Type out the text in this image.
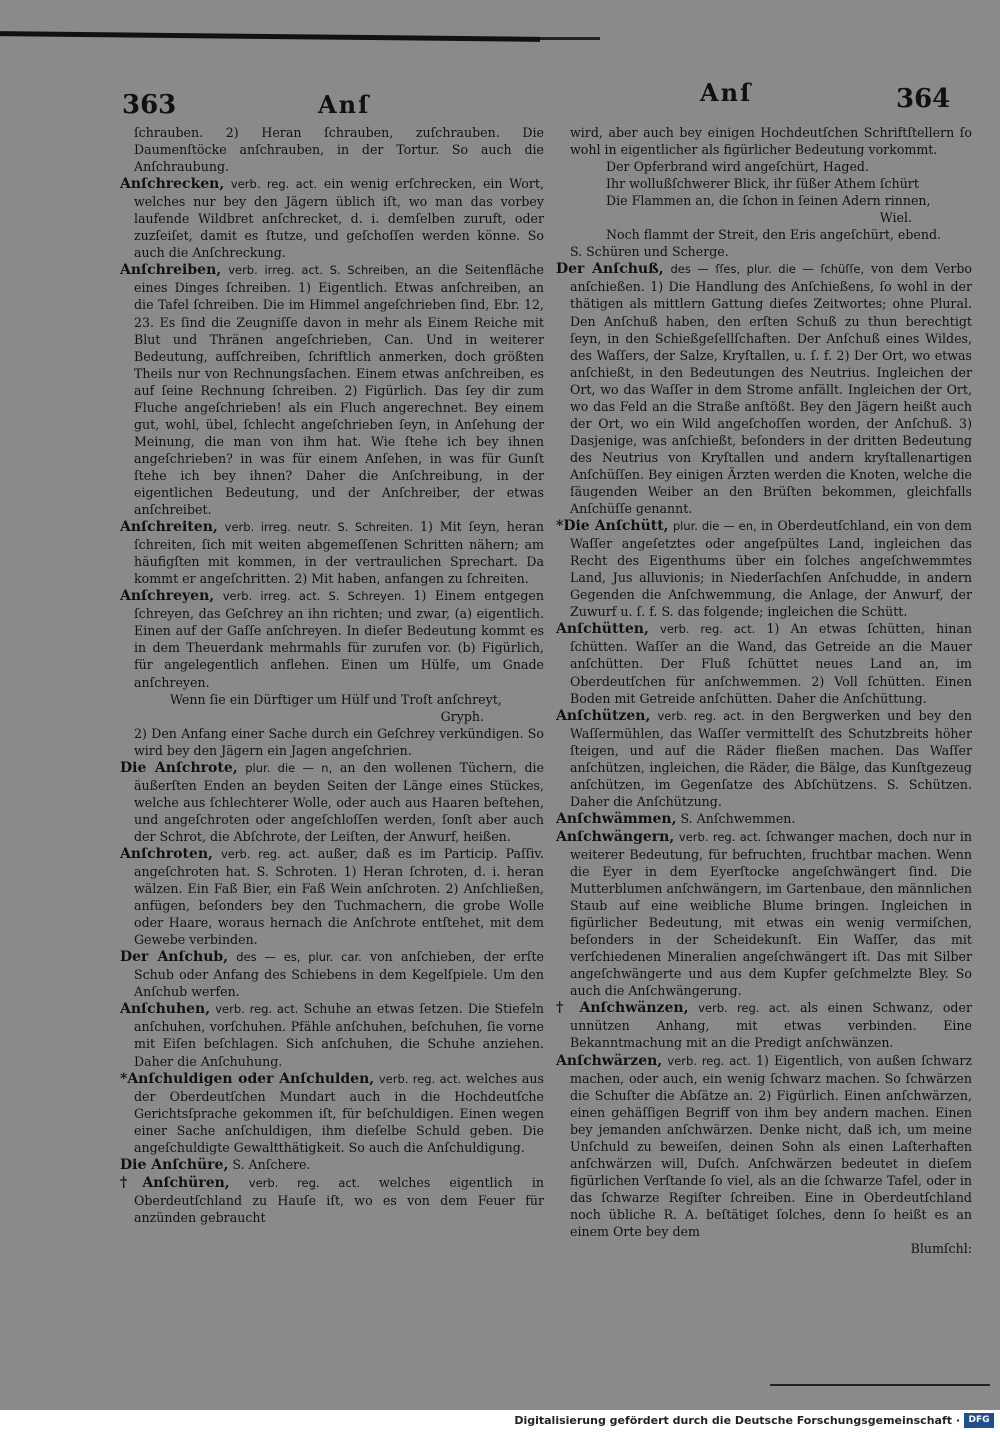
363	Anſ	Anſ	364

ſchrauben. 2) Heran ſchrauben, zuſchrauben. Die Daumenſtöcke anſchrauben, in der Tortur. So auch die Anſchraubung.

Anſchrecken, verb. reg. act. ein wenig erſchrecken, ein Wort, welches nur bey den Jägern üblich iſt, wo man das vorbey laufende Wildbret anſchrecket, d. i. demſelben zuruft, oder zuzſeiſet, damit es ſtutze, und geſchoſſen werden könne. So auch die Anſchreckung.

Anſchreiben, verb. irreg. act. S. Schreiben, an die Seitenfläche eines Dinges ſchreiben. 1) Eigentlich. Etwas anſchreiben, an die Tafel ſchreiben. Die im Himmel angeſchrieben ſind, Ebr. 12, 23. Es ſind die Zeugniſſe davon in mehr als Einem Reiche mit Blut und Thränen angeſchrieben, Can. Und in weiterer Bedeutung, aufſchreiben, ſchriftlich anmerken, doch größten Theils nur von Rechnungsſachen. Einem etwas anſchreiben, es auf ſeine Rechnung ſchreiben. 2) Figürlich. Das ſey dir zum Fluche angeſchrieben! als ein Fluch angerechnet. Bey einem gut, wohl, übel, ſchlecht angeſchrieben ſeyn, in Anſehung der Meinung, die man von ihm hat. Wie ſtehe ich bey ihnen angeſchrieben? in was für einem Anſehen, in was für Gunſt ſtehe ich bey ihnen? Daher die Anſchreibung, in der eigentlichen Bedeutung, und der Anſchreiber, der etwas anſchreibet.

Anſchreiten, verb. irreg. neutr. S. Schreiten. 1) Mit ſeyn, heran ſchreiten, ſich mit weiten abgemeſſenen Schritten nähern; am häufigſten mit kommen, in der vertraulichen Sprechart. Da kommt er angeſchritten. 2) Mit haben, anfangen zu ſchreiten.

Anſchreyen, verb. irreg. act. S. Schreyen. 1) Einem entgegen ſchreyen, das Geſchrey an ihn richten; und zwar, (a) eigentlich. Einen auf der Gaſſe anſchreyen. In dieſer Bedeutung kommt es in dem Theuerdank mehrmahls für zurufen vor. (b) Figürlich, für angelegentlich anflehen. Einen um Hülfe, um Gnade anſchreyen.

Wenn ſie ein Dürftiger um Hülf und Troſt anſchreyt,
Gryph.

2) Den Anfang einer Sache durch ein Geſchrey verkündigen. So wird bey den Jägern ein Jagen angeſchrien.

Die Anſchrote, plur. die — n, an den wollenen Tüchern, die äußerſten Enden an beyden Seiten der Länge eines Stückes, welche aus ſchlechterer Wolle, oder auch aus Haaren beſtehen, und angeſchroten oder angeſchloſſen werden, ſonſt aber auch der Schrot, die Abſchrote, der Leiſten, der Anwurf, heißen.

Anſchroten, verb. reg. act. außer, daß es im Particip. Paſſiv. angeſchroten hat. S. Schroten. 1) Heran ſchroten, d. i. heran wälzen. Ein Faß Bier, ein Faß Wein anſchroten. 2) Anſchließen, anfügen, beſonders bey den Tuchmachern, die grobe Wolle oder Haare, woraus hernach die Anſchrote entſtehet, mit dem Gewebe verbinden.

Der Anſchub, des — es, plur. car. von anſchieben, der erſte Schub oder Anfang des Schiebens in dem Kegelſpiele. Um den Anſchub werfen.

Anſchuhen, verb. reg. act. Schuhe an etwas ſetzen. Die Stiefeln anſchuhen, vorſchuhen. Pfähle anſchuhen, beſchuhen, ſie vorne mit Eiſen beſchlagen. Sich anſchuhen, die Schuhe anziehen. Daher die Anſchuhung.

*Anſchuldigen oder Anſchulden, verb. reg. act. welches aus der Oberdeutſchen Mundart auch in die Hochdeutſche Gerichtsſprache gekommen iſt, für beſchuldigen. Einen wegen einer Sache anſchuldigen, ihm dieſelbe Schuld geben. Die angeſchuldigte Gewaltthätigkeit. So auch die Anſchuldigung.

Die Anſchüre, S. Anſchere.

†Anſchüren, verb. reg. act. welches eigentlich in Oberdeutſchland zu Hauſe iſt, wo es von dem Feuer für anzünden gebraucht

wird, aber auch bey einigen Hochdeutſchen Schriftſtellern ſo wohl in eigentlicher als figürlicher Bedeutung vorkommt.

Der Opferbrand wird angeſchürt, Haged.

Ihr wollußſchwerer Blick, ihr ſüßer Athem ſchürt

Die Flammen an, die ſchon in ſeinen Adern rinnen,
Wiel.

Noch flammt der Streit, den Eris angeſchürt, ebend.

S. Schüren und Scherge.

Der Anſchuß, des — ſſes, plur. die — ſchüſſe, von dem Verbo anſchießen. 1) Die Handlung des Anſchießens, ſo wohl in der thätigen als mittlern Gattung dieſes Zeitwortes; ohne Plural. Den Anſchuß haben, den erſten Schuß zu thun berechtigt ſeyn, in den Schießgeſellſchaften. Der Anſchuß eines Wildes, des Waſſers, der Salze, Kryſtallen, u. ſ. f. 2) Der Ort, wo etwas anſchießt, in den Bedeutungen des Neutrius. Ingleichen der Ort, wo das Waſſer in dem Strome anfällt. Ingleichen der Ort, wo das Feld an die Straße anſtößt. Bey den Jägern heißt auch der Ort, wo ein Wild angeſchoſſen worden, der Anſchuß. 3) Dasjenige, was anſchießt, beſonders in der dritten Bedeutung des Neutrius von Kryſtallen und andern kryſtallenartigen Anſchüſſen. Bey einigen Ärzten werden die Knoten, welche die ſäugenden Weiber an den Brüſten bekommen, gleichfalls Anſchüſſe genannt.

*Die Anſchütt, plur. die — en, in Oberdeutſchland, ein von dem Waſſer angeſetztes oder angeſpültes Land, ingleichen das Recht des Eigenthums über ein ſolches angeſchwemmtes Land, Jus alluvionis; in Niederſachſen Anſchudde, in andern Gegenden die Anſchwemmung, die Anlage, der Anwurf, der Zuwurf u. ſ. f. S. das folgende; ingleichen die Schütt.

Anſchütten, verb. reg. act. 1) An etwas ſchütten, hinan ſchütten. Waſſer an die Wand, das Getreide an die Mauer anſchütten. Der Fluß ſchüttet neues Land an, im Oberdeutſchen für anſchwemmen. 2) Voll ſchütten. Einen Boden mit Getreide anſchütten. Daher die Anſchüttung.

Anſchützen, verb. reg. act. in den Bergwerken und bey den Waſſermühlen, das Waſſer vermittelſt des Schutzbreits höher ſteigen, und auf die Räder fließen machen. Das Waſſer anſchützen, ingleichen, die Räder, die Bälge, das Kunſtgezeug anſchützen, im Gegenſatze des Abſchützens. S. Schützen. Daher die Anſchützung.

Anſchwämmen, S. Anſchwemmen.

Anſchwängern, verb. reg. act. ſchwanger machen, doch nur in weiterer Bedeutung, für befruchten, fruchtbar machen. Wenn die Eyer in dem Eyerſtocke angeſchwängert ſind. Die Mutterblumen anſchwängern, im Gartenbaue, den männlichen Staub auf eine weibliche Blume bringen. Ingleichen in figürlicher Bedeutung, mit etwas ein wenig vermiſchen, beſonders in der Scheidekunſt. Ein Waſſer, das mit verſchiedenen Mineralien angeſchwängert iſt. Das mit Silber angeſchwängerte und aus dem Kupfer geſchmelzte Bley. So auch die Anſchwängerung.

† Anſchwänzen, verb. reg. act. als einen Schwanz, oder unnützen Anhang, mit etwas verbinden. Eine Bekanntmachung mit an die Predigt anſchwänzen.

Anſchwärzen, verb. reg. act. 1) Eigentlich, von außen ſchwarz machen, oder auch, ein wenig ſchwarz machen. So ſchwärzen die Schuſter die Abſätze an. 2) Figürlich. Einen anſchwärzen, einen gehäſſigen Begriff von ihm bey andern machen. Einen bey jemanden anſchwärzen. Denke nicht, daß ich, um meine Unſchuld zu beweiſen, deinen Sohn als einen Laſterhaften anſchwärzen will, Duſch. Anſchwärzen bedeutet in dieſem figürlichen Verſtande ſo viel, als an die ſchwarze Tafel, oder in das ſchwarze Regiſter ſchreiben. Eine in Oberdeutſchland noch übliche R. A. beſtätiget ſolches, denn ſo heißt es an einem Orte bey dem

Blumſchl:

Digitalisierung gefördert durch die Deutsche Forschungsgemeinschaft · DFG
